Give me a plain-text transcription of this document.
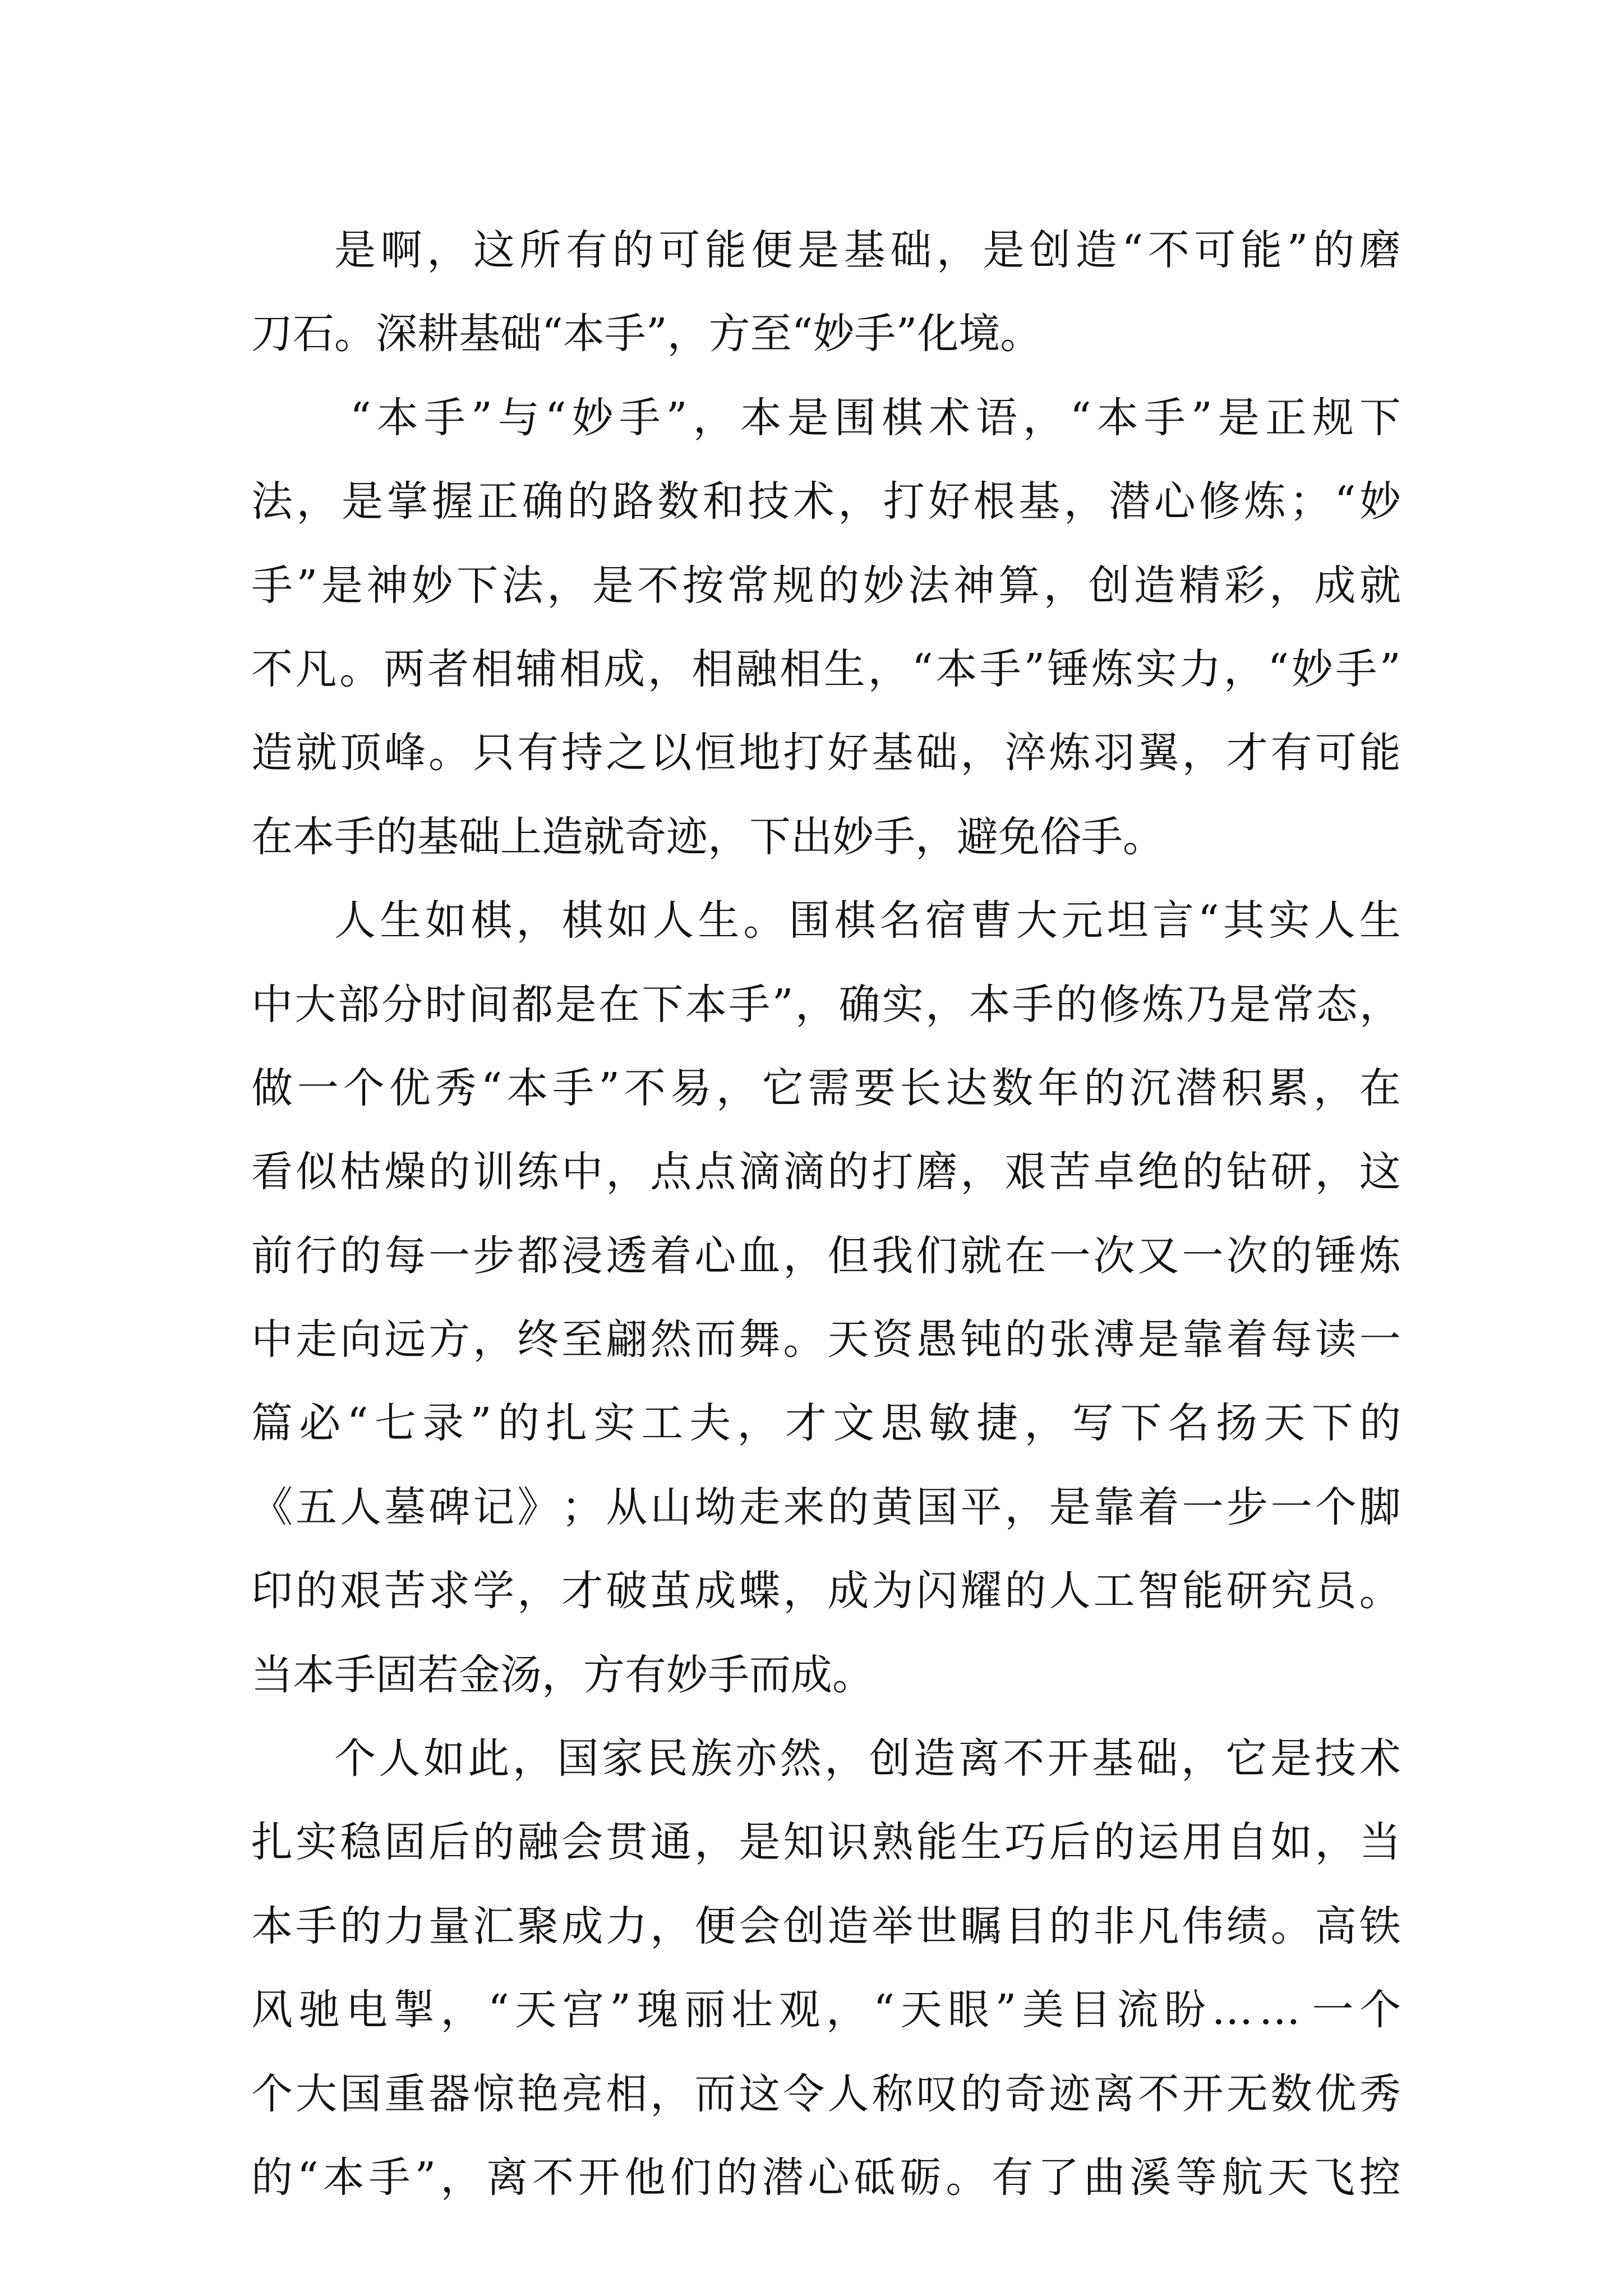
是 啊 ， 这 所 有 的 可 能 便 是 基 础 ， 是 创 造 “ 不 可 能 ” 的 磨
刀石。深耕基础“本手”，方至“妙手”化境。
“ 本 手 ” 与 “ 妙 手 ” ， 本 是 围 棋 术 语 ， “ 本 手 ” 是 正 规 下
法 ， 是 掌 握 正 确 的 路 数 和 技 术 ， 打 好 根 基 ， 潜 心 修 炼 ； “ 妙
手 ” 是 神 妙 下 法 ， 是 不 按 常 规 的 妙 法 神 算 ， 创 造 精 彩 ， 成 就
不 凡 。 两 者 相 辅 相 成 ， 相 融 相 生 ， “ 本 手 ” 锤 炼 实 力 ， “ 妙 手 ”
造 就 顶 峰 。 只 有 持 之 以 恒 地 打 好 基 础 ， 淬 炼 羽 翼 ， 才 有 可 能
在本手的基础上造就奇迹，下出妙手，避免俗手。
人 生 如 棋 ， 棋 如 人 生 。 围 棋 名 宿 曹 大 元 坦 言 “ 其 实 人 生
中 大 部 分 时 间 都 是 在 下 本 手 ” ， 确 实 ， 本 手 的 修 炼 乃 是 常 态 ，
做 一 个 优 秀 “ 本 手 ” 不 易 ， 它 需 要 长 达 数 年 的 沉 潜 积 累 ， 在
看 似 枯 燥 的 训 练 中 ， 点 点 滴 滴 的 打 磨 ， 艰 苦 卓 绝 的 钻 研 ， 这
前 行 的 每 一 步 都 浸 透 着 心 血 ， 但 我 们 就 在 一 次 又 一 次 的 锤 炼
中 走 向 远 方 ， 终 至 翩 然 而 舞 。 天 资 愚 钝 的 张 溥 是 靠 着 每 读 一
篇 必 “ 七 录 ” 的 扎 实 工 夫 ， 才 文 思 敏 捷 ， 写 下 名 扬 天 下 的
《 五 人 墓 碑 记 》 ； 从 山 坳 走 来 的 黄 国 平 ， 是 靠 着 一 步 一 个 脚
印 的 艰 苦 求 学 ， 才 破 茧 成 蝶 ， 成 为 闪 耀 的 人 工 智 能 研 究 员 。
当本手固若金汤，方有妙手而成。
个 人 如 此 ， 国 家 民 族 亦 然 ， 创 造 离 不 开 基 础 ， 它 是 技 术
扎 实 稳 固 后 的 融 会 贯 通 ， 是 知 识 熟 能 生 巧 后 的 运 用 自 如 ， 当
本 手 的 力 量 汇 聚 成 力 ， 便 会 创 造 举 世 瞩 目 的 非 凡 伟 绩 。 高 铁
风 驰 电 掣 ， “ 天 宫 ” 瑰 丽 壮 观 ， “ 天 眼 ” 美 目 流 盼 … … 一 个
个 大 国 重 器 惊 艳 亮 相 ， 而 这 令 人 称 叹 的 奇 迹 离 不 开 无 数 优 秀
的 “ 本 手 ” ， 离 不 开 他 们 的 潜 心 砥 砺 。 有 了 曲 溪 等 航 天 飞 控
